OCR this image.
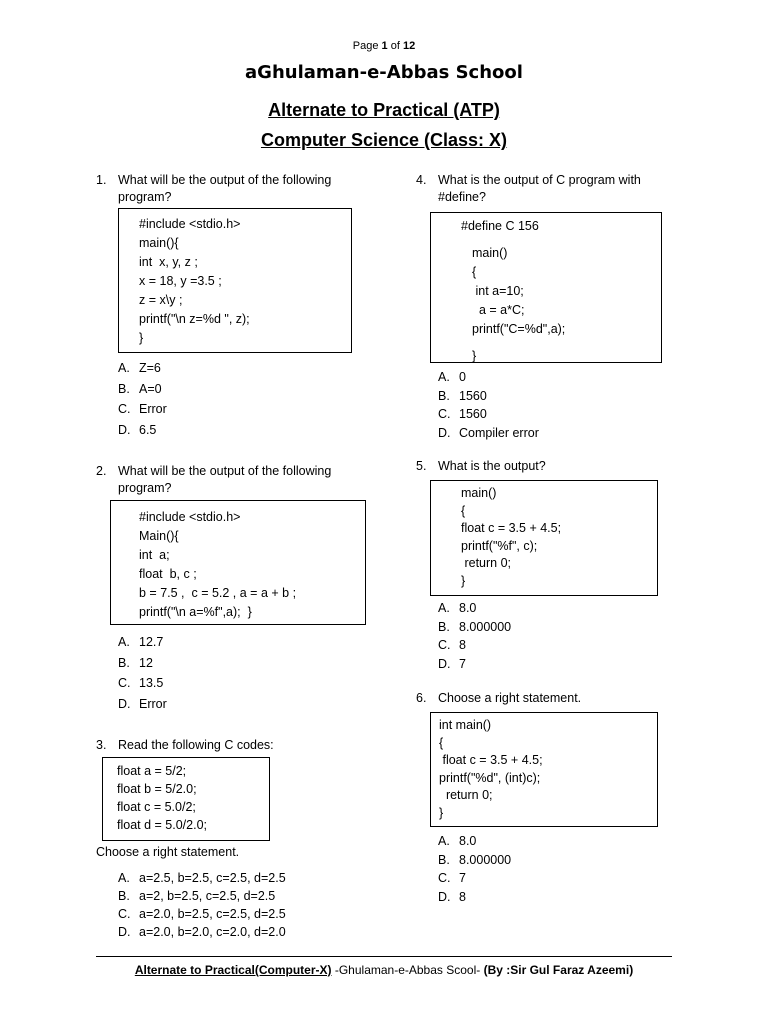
Page 1 of 12
aGhulaman-e-Abbas School
Alternate to Practical (ATP)
Computer Science (Class: X)
1. What will be the output of the following
program?
#include <stdio.h>
main(){
int  x, y, z ;
x = 18, y =3.5 ;
z = x\y ;
printf("\n z=%d ", z);
}
A. Z=6
B. A=0
C. Error
D. 6.5
2. What will be the output of the following
program?
#include <stdio.h>
Main(){
int  a;
float  b, c ;
b = 7.5 ,  c = 5.2 , a = a + b ;
printf("\n a=%f",a);  }
A. 12.7
B. 12
C. 13.5
D. Error
3. Read the following C codes:
float a = 5/2;
float b = 5/2.0;
float c = 5.0/2;
float d = 5.0/2.0;
Choose a right statement.
A. a=2.5, b=2.5, c=2.5, d=2.5
B. a=2, b=2.5, c=2.5, d=2.5
C. a=2.0, b=2.5, c=2.5, d=2.5
D. a=2.0, b=2.0, c=2.0, d=2.0
4. What is the output of C program with
#define?
#define C 156
main()
{
int a=10;
a = a*C;
printf("C=%d",a);
}
A. 0
B. 1560
C. 1560
D. Compiler error
5. What is the output?
main()
{
float c = 3.5 + 4.5;
printf("%f", c);
return 0;
}
A. 8.0
B. 8.000000
C. 8
D. 7
6. Choose a right statement.
int main()
{
float c = 3.5 + 4.5;
printf("%d", (int)c);
return 0;
}
A. 8.0
B. 8.000000
C. 7
D. 8
Alternate to Practical(Computer-X) -Ghulaman-e-Abbas Scool- (By :Sir Gul Faraz Azeemi)
